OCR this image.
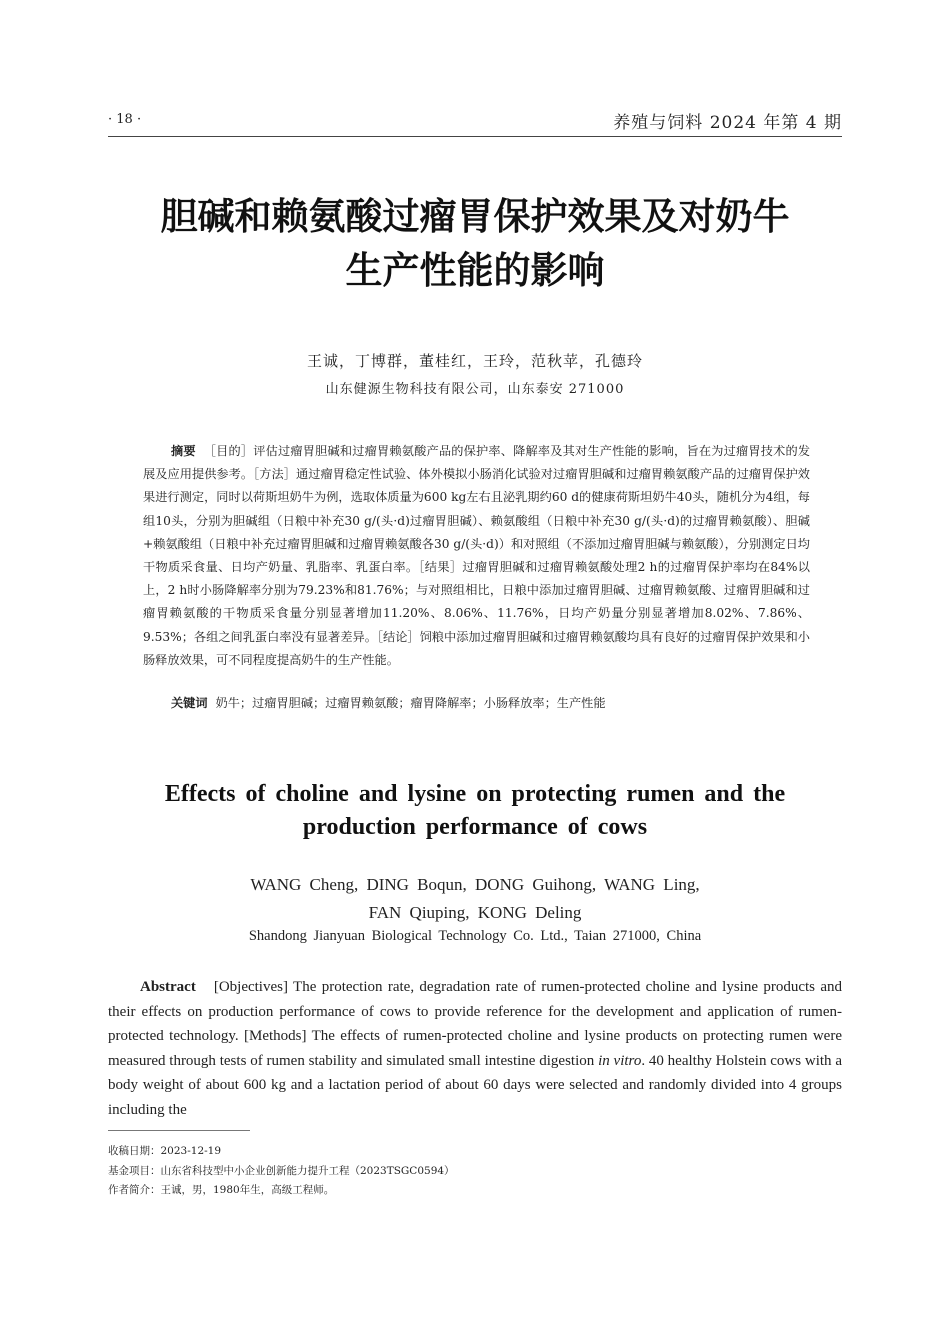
· 18 ·	养殖与饲料 2024 年第 4 期
胆碱和赖氨酸过瘤胃保护效果及对奶牛
生产性能的影响
王诚，丁博群，董桂红，王玲，范秋苹，孔德玲
山东健源生物科技有限公司，山东泰安 271000
摘要 ［目的］评估过瘤胃胆碱和过瘤胃赖氨酸产品的保护率、降解率及其对生产性能的影响，旨在为过瘤胃技术的发展及应用提供参考。［方法］通过瘤胃稳定性试验、体外模拟小肠消化试验对过瘤胃胆碱和过瘤胃赖氨酸产品的过瘤胃保护效果进行测定，同时以荷斯坦奶牛为例，选取体质量为600 kg左右且泌乳期约60 d的健康荷斯坦奶牛40头，随机分为4组，每组10头，分别为胆碱组（日粮中补充30 g/(头·d)过瘤胃胆碱）、赖氨酸组（日粮中补充30 g/(头·d)的过瘤胃赖氨酸）、胆碱+赖氨酸组（日粮中补充过瘤胃胆碱和过瘤胃赖氨酸各30 g/(头·d)）和对照组（不添加过瘤胃胆碱与赖氨酸），分别测定日均干物质采食量、日均产奶量、乳脂率、乳蛋白率。［结果］过瘤胃胆碱和过瘤胃赖氨酸处理2 h的过瘤胃保护率均在84%以上，2 h时小肠降解率分别为79.23%和81.76%；与对照组相比，日粮中添加过瘤胃胆碱、过瘤胃赖氨酸、过瘤胃胆碱和过瘤胃赖氨酸的干物质采食量分别显著增加11.20%、8.06%、11.76%，日均产奶量分别显著增加8.02%、7.86%、9.53%；各组之间乳蛋白率没有显著差异。［结论］饲粮中添加过瘤胃胆碱和过瘤胃赖氨酸均具有良好的过瘤胃保护效果和小肠释放效果，可不同程度提高奶牛的生产性能。
关键词 奶牛；过瘤胃胆碱；过瘤胃赖氨酸；瘤胃降解率；小肠释放率；生产性能
Effects of choline and lysine on protecting rumen and the
production performance of cows
WANG Cheng, DING Boqun, DONG Guihong, WANG Ling,
FAN Qiuping, KONG Deling
Shandong Jianyuan Biological Technology Co. Ltd., Taian 271000, China
Abstract [Objectives] The protection rate, degradation rate of rumen-protected choline and lysine products and their effects on production performance of cows to provide reference for the development and application of rumen-protected technology. [Methods] The effects of rumen-protected choline and lysine products on protecting rumen were measured through tests of rumen stability and simulated small intestine digestion in vitro. 40 healthy Holstein cows with a body weight of about 600 kg and a lactation period of about 60 days were selected and randomly divided into 4 groups including the
收稿日期：2023-12-19
基金项目：山东省科技型中小企业创新能力提升工程（2023TSGC0594）
作者简介：王诚，男，1980年生，高级工程师。
